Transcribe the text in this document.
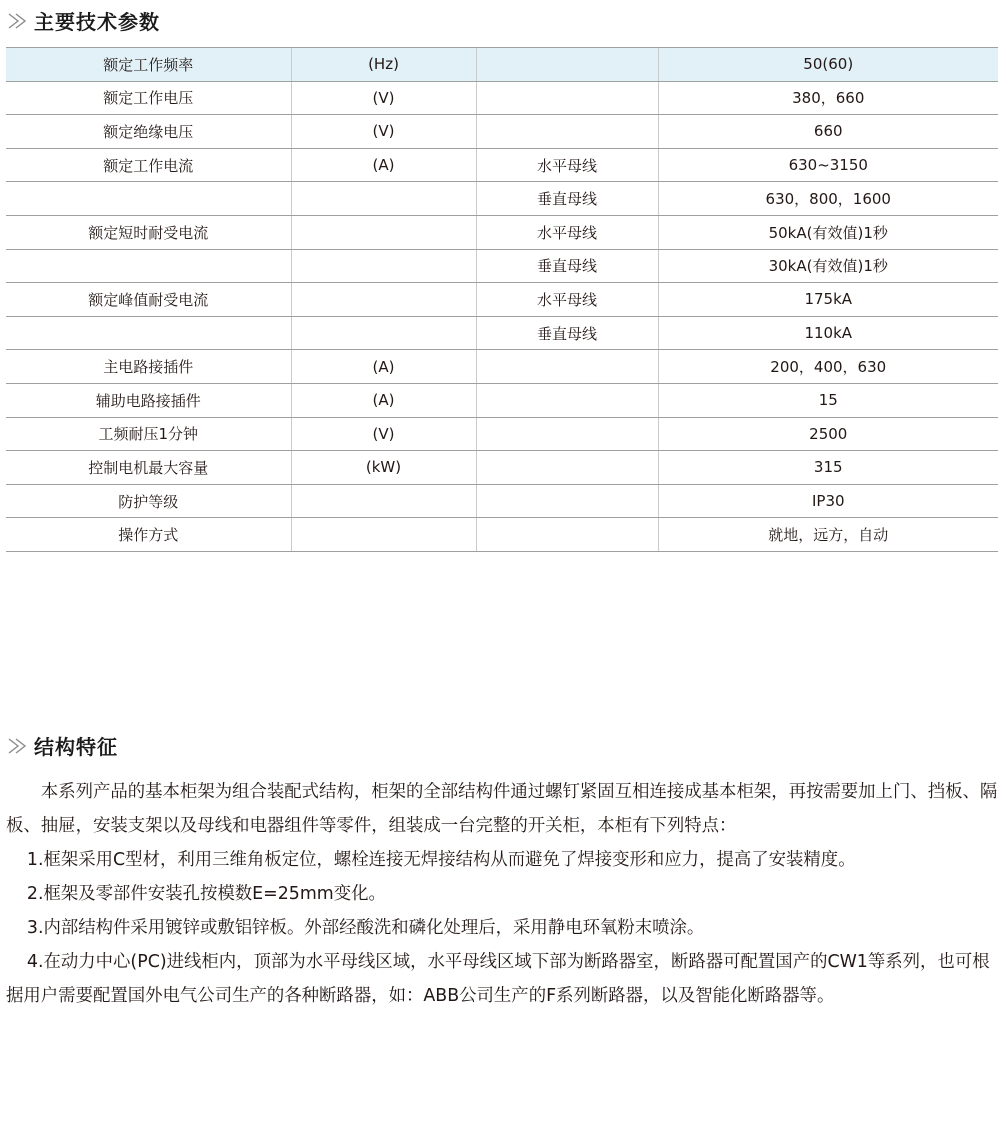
主要技术参数
额定工作频率	(Hz)		50(60)
额定工作电压	(V)		380，660
额定绝缘电压	(V)		660
额定工作电流	(A)	水平母线	630~3150
		垂直母线	630，800，1600
额定短时耐受电流		水平母线	50kA(有效值)1秒
		垂直母线	30kA(有效值)1秒
额定峰值耐受电流		水平母线	175kA
		垂直母线	110kA
主电路接插件	(A)		200，400，630
辅助电路接插件	(A)		15
工频耐压1分钟	(V)		2500
控制电机最大容量	(kW)		315
防护等级			IP30
操作方式			就地，远方，自动
结构特征

本系列产品的基本柜架为组合装配式结构，柜架的全部结构件通过螺钉紧固互相连接成基本柜架，再按需要加上门、挡板、隔板、抽屉，安装支架以及母线和电器组件等零件，组装成一台完整的开关柜，本柜有下列特点：

1.框架采用C型材，利用三维角板定位，螺栓连接无焊接结构从而避免了焊接变形和应力，提高了安装精度。

2.框架及零部件安装孔按模数E=25mm变化。

3.内部结构件采用镀锌或敷铝锌板。外部经酸洗和磷化处理后，采用静电环氧粉末喷涂。

4.在动力中心(PC)进线柜内，顶部为水平母线区域，水平母线区域下部为断路器室，断路器可配置国产的CW1等系列，也可根据用户需要配置国外电气公司生产的各种断路器，如：ABB公司生产的F系列断路器，以及智能化断路器等。
